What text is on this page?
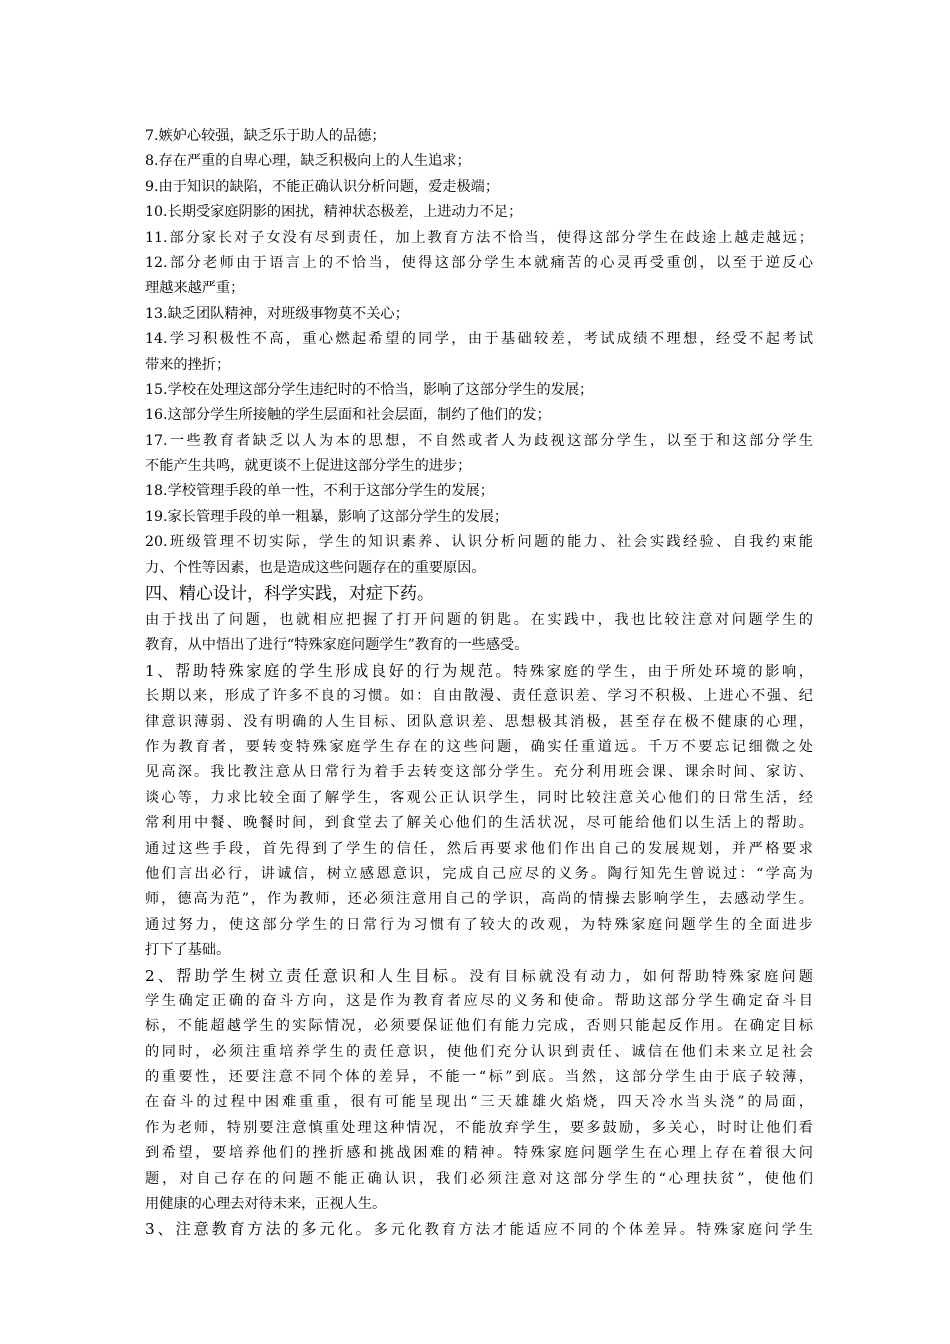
7.嫉妒心较强，缺乏乐于助人的品德；

8.存在严重的自卑心理，缺乏积极向上的人生追求；

9.由于知识的缺陷，不能正确认识分析问题，爱走极端；

10.长期受家庭阴影的困扰，精神状态极差，上进动力不足；

11.部分家长对子女没有尽到责任，加上教育方法不恰当，使得这部分学生在歧途上越走越远；

12.部分老师由于语言上的不恰当，使得这部分学生本就痛苦的心灵再受重创，以至于逆反心

理越来越严重；

13.缺乏团队精神，对班级事物莫不关心；

14.学习积极性不高，重心燃起希望的同学，由于基础较差，考试成绩不理想，经受不起考试

带来的挫折；

15.学校在处理这部分学生违纪时的不恰当，影响了这部分学生的发展；

16.这部分学生所接触的学生层面和社会层面，制约了他们的发；

17.一些教育者缺乏以人为本的思想，不自然或者人为歧视这部分学生，以至于和这部分学生

不能产生共鸣，就更谈不上促进这部分学生的进步；

18.学校管理手段的单一性，不利于这部分学生的发展；

19.家长管理手段的单一粗暴，影响了这部分学生的发展；

20.班级管理不切实际，学生的知识素养、认识分析问题的能力、社会实践经验、自我约束能

力、个性等因素，也是造成这些问题存在的重要原因。

四、精心设计，科学实践，对症下药。

由于找出了问题，也就相应把握了打开问题的钥匙。在实践中，我也比较注意对问题学生的

教育，从中悟出了进行“特殊家庭问题学生”教育的一些感受。

1、帮助特殊家庭的学生形成良好的行为规范。特殊家庭的学生，由于所处环境的影响，

长期以来，形成了许多不良的习惯。如：自由散漫、责任意识差、学习不积极、上进心不强、纪

律意识薄弱、没有明确的人生目标、团队意识差、思想极其消极，甚至存在极不健康的心理，

作为教育者，要转变特殊家庭学生存在的这些问题，确实任重道远。千万不要忘记细微之处

见高深。我比教注意从日常行为着手去转变这部分学生。充分利用班会课、课余时间、家访、

谈心等，力求比较全面了解学生，客观公正认识学生，同时比较注意关心他们的日常生活，经

常利用中餐、晚餐时间，到食堂去了解关心他们的生活状况，尽可能给他们以生活上的帮助。

通过这些手段，首先得到了学生的信任，然后再要求他们作出自己的发展规划，并严格要求

他们言出必行，讲诚信，树立感恩意识，完成自己应尽的义务。陶行知先生曾说过：“学高为

师，德高为范”，作为教师，还必须注意用自己的学识，高尚的情操去影响学生，去感动学生。

通过努力，使这部分学生的日常行为习惯有了较大的改观，为特殊家庭问题学生的全面进步

打下了基础。

2、帮助学生树立责任意识和人生目标。没有目标就没有动力，如何帮助特殊家庭问题

学生确定正确的奋斗方向，这是作为教育者应尽的义务和使命。帮助这部分学生确定奋斗目

标，不能超越学生的实际情况，必须要保证他们有能力完成，否则只能起反作用。在确定目标

的同时，必须注重培养学生的责任意识，使他们充分认识到责任、诚信在他们未来立足社会

的重要性，还要注意不同个体的差异，不能一“标”到底。当然，这部分学生由于底子较薄，

在奋斗的过程中困难重重，很有可能呈现出“三天雄雄火焰烧，四天冷水当头浇”的局面，

作为老师，特别要注意慎重处理这种情况，不能放弃学生，要多鼓励，多关心，时时让他们看

到希望，要培养他们的挫折感和挑战困难的精神。特殊家庭问题学生在心理上存在着很大问

题，对自己存在的问题不能正确认识，我们必须注意对这部分学生的“心理扶贫”，使他们

用健康的心理去对待未来，正视人生。

3、注意教育方法的多元化。多元化教育方法才能适应不同的个体差异。特殊家庭问学生
